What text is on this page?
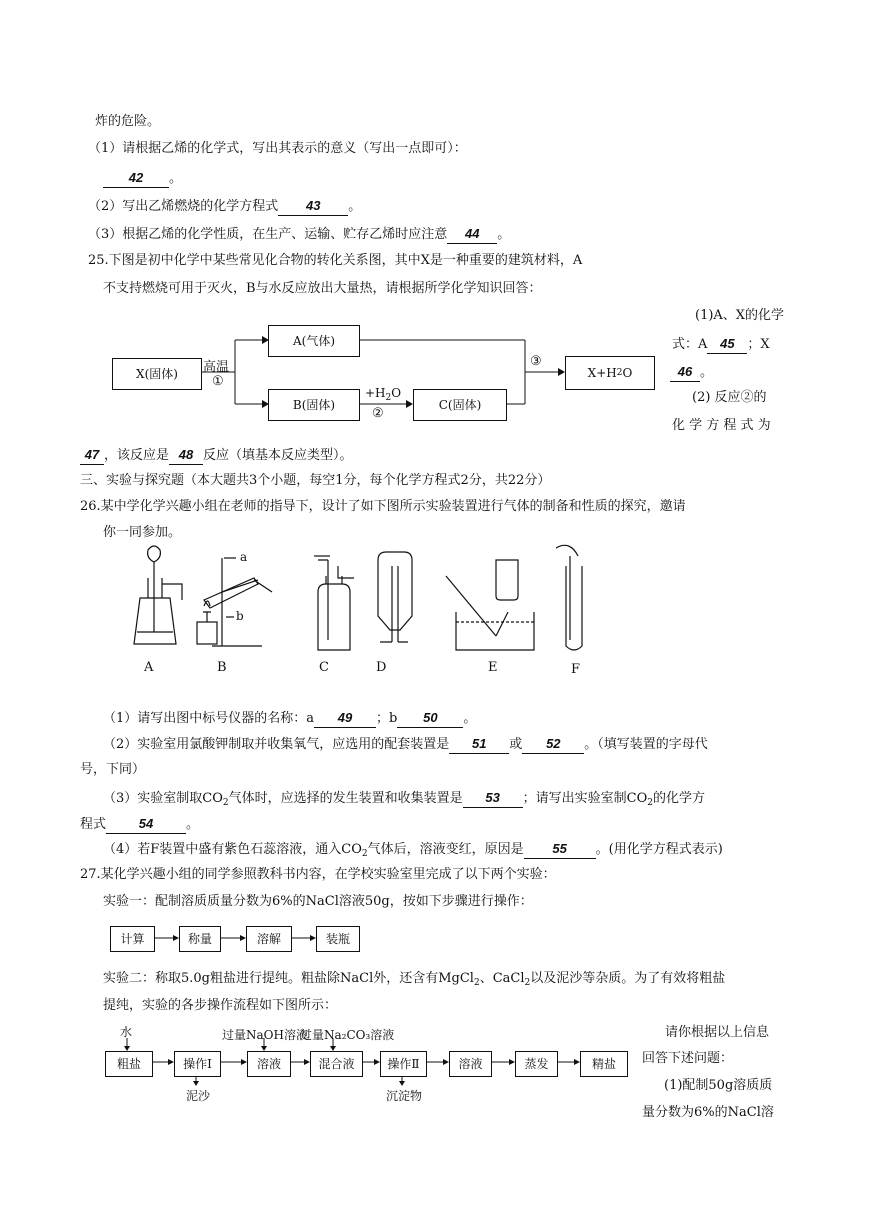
炸的危险。
（1）请根据乙烯的化学式，写出其表示的意义（写出一点即可）：
42 。
（2）写出乙烯燃烧的化学方程式 43 。
（3）根据乙烯的化学性质，在生产、运输、贮存乙烯时应注意 44 。
25.下图是初中化学中某些常见化合物的转化关系图，其中X是一种重要的建筑材料，A
不支持燃烧可用于灭火，B与水反应放出大量热，请根据所学化学知识回答：
X(固体)
A(气体)
B(固体)	C(固体)
X+H 2 O
高温
①
③
$+H_2O$
②
(1)A、X的化学
式：A 45 ；X
46 。
(2) 反应②的
化 学 方 程 式 为
47 ，该反应是 48 反应（填基本反应类型）。
三、实验与探究题（本大题共3个小题，每空1分，每个化学方程式2分，共22分）
26.某中学化学兴趣小组在老师的指导下，设计了如下图所示实验装置进行气体的制备和性质的探究，邀请
你一同参加。
A	B	C	D	E	F
a
b
（1）请写出图中标号仪器的名称：a 49 ；b 50 。
（2）实验室用氯酸钾制取并收集氧气，应选用的配套装置是 51 或 52 。（填写装置的字母代
号，下同）
（3）实验室制取$CO_2$气体时，应选择的发生装置和收集装置是 53 ；请写出实验室制$CO_2$的化学方
程式	54	。
（4）若F装置中盛有紫色石蕊溶液，通入$CO_2$气体后，溶液变红，原因是 55 。(用化学方程式表示)
27.某化学兴趣小组的同学参照教科书内容，在学校实验室里完成了以下两个实验：
实验一：配制溶质质量分数为6%的NaCl溶液50g，按如下步骤进行操作：
计算	称量	溶解	装瓶
实验二：称取5.0g粗盐进行提纯。粗盐除NaCl外，还含有MgCl$_2$、CaCl$_2$以及泥沙等杂质。为了有效将粗盐
提纯，实验的各步操作流程如下图所示：
粗盐	操作Ⅰ	溶液	混合液	操作Ⅱ	溶液	蒸发	精盐
水	过量NaOH溶液
过量Na₂CO₃溶液
泥沙	沉淀物
请你根据以上信息
回答下述问题：
(1)配制50g溶质质
量分数为6%的NaCl溶
